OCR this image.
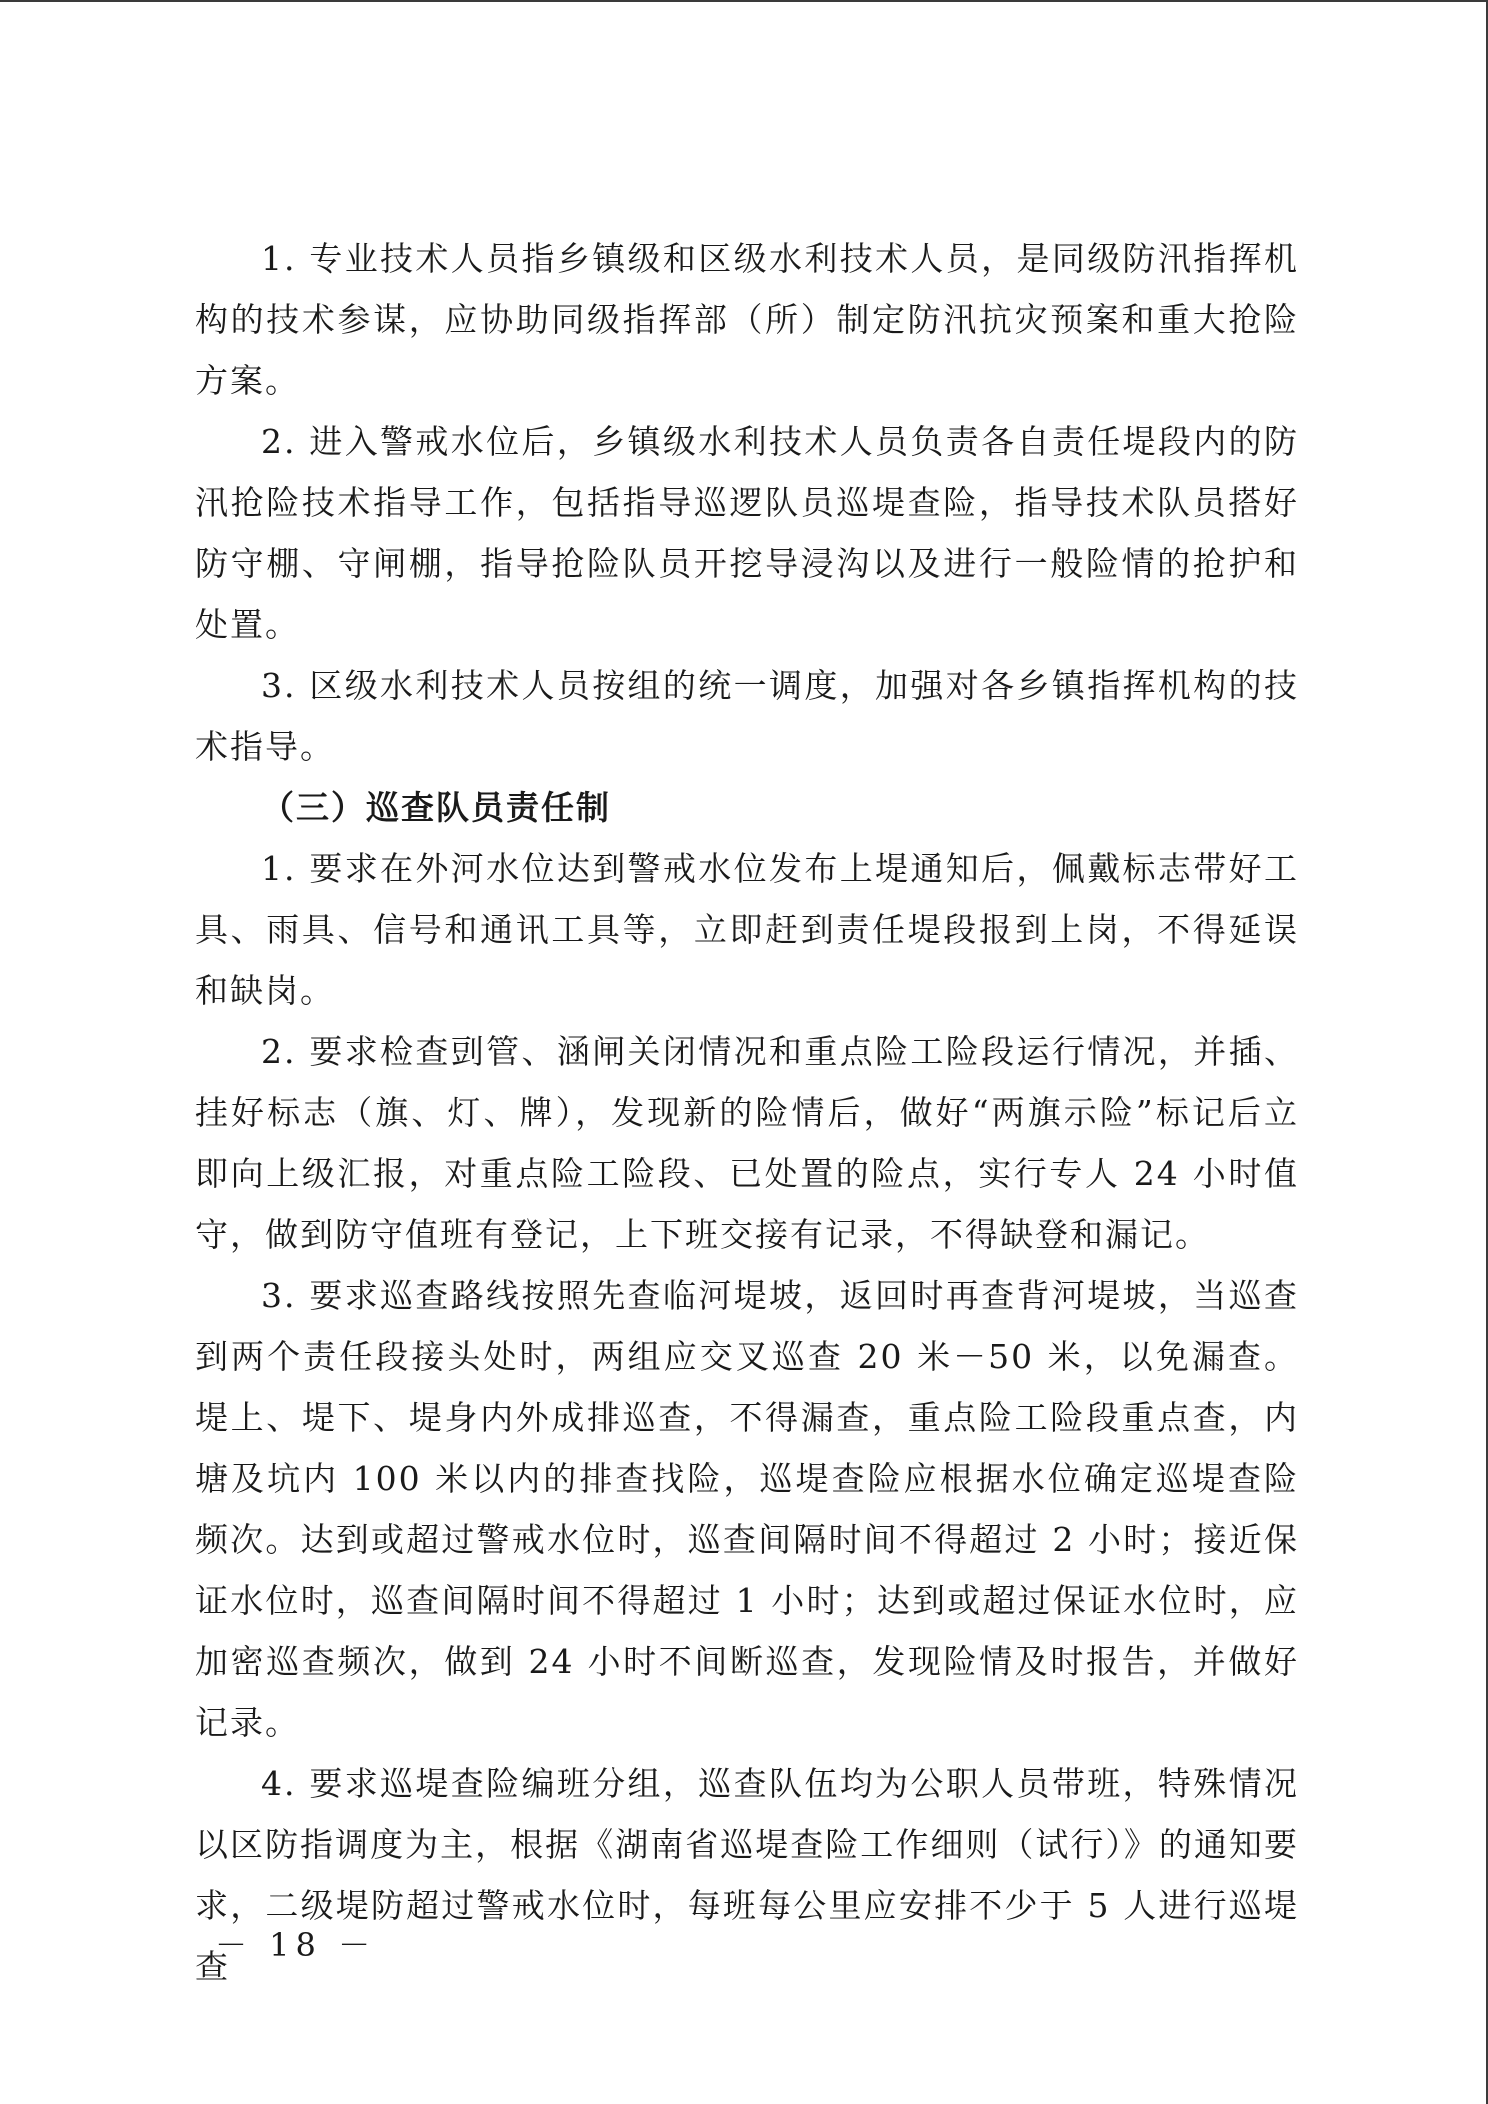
1. 专业技术人员指乡镇级和区级水利技术人员，是同级防汛指挥机构的技术参谋，应协助同级指挥部（所）制定防汛抗灾预案和重大抢险方案。

2. 进入警戒水位后，乡镇级水利技术人员负责各自责任堤段内的防汛抢险技术指导工作，包括指导巡逻队员巡堤查险，指导技术队员搭好防守棚、守闸棚，指导抢险队员开挖导浸沟以及进行一般险情的抢护和处置。

3. 区级水利技术人员按组的统一调度，加强对各乡镇指挥机构的技术指导。

（三）巡查队员责任制

1. 要求在外河水位达到警戒水位发布上堤通知后，佩戴标志带好工具、雨具、信号和通讯工具等，立即赶到责任堤段报到上岗，不得延误和缺岗。

2. 要求检查剅管、涵闸关闭情况和重点险工险段运行情况，并插、挂好标志（旗、灯、牌），发现新的险情后，做好“两旗示险”标记后立即向上级汇报，对重点险工险段、已处置的险点，实行专人 24 小时值守，做到防守值班有登记，上下班交接有记录，不得缺登和漏记。

3. 要求巡查路线按照先查临河堤坡，返回时再查背河堤坡，当巡查到两个责任段接头处时，两组应交叉巡查 20 米－50 米，以免漏查。堤上、堤下、堤身内外成排巡查，不得漏查，重点险工险段重点查，内塘及坑内 100 米以内的排查找险，巡堤查险应根据水位确定巡堤查险频次。达到或超过警戒水位时，巡查间隔时间不得超过 2 小时；接近保证水位时，巡查间隔时间不得超过 1 小时；达到或超过保证水位时，应加密巡查频次，做到 24 小时不间断巡查，发现险情及时报告，并做好记录。

4. 要求巡堤查险编班分组，巡查队伍均为公职人员带班，特殊情况以区防指调度为主，根据《湖南省巡堤查险工作细则（试行）》的通知要求，二级堤防超过警戒水位时，每班每公里应安排不少于 5 人进行巡堤查

－ 18 －
